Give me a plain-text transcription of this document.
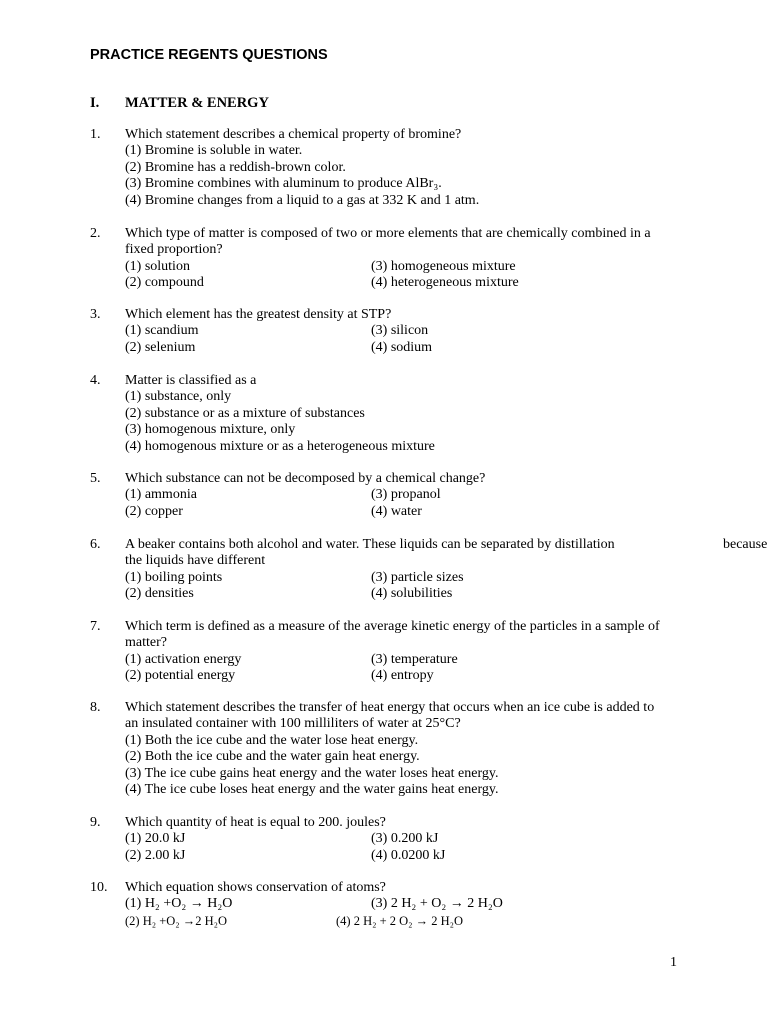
PRACTICE REGENTS QUESTIONS
I. MATTER & ENERGY
1. Which statement describes a chemical property of bromine?
(1) Bromine is soluble in water.
(2) Bromine has a reddish-brown color.
(3) Bromine combines with aluminum to produce AlBr₃.
(4) Bromine changes from a liquid to a gas at 332 K and 1 atm.
2. Which type of matter is composed of two or more elements that are chemically combined in a
fixed proportion?
(1) solution	(3) homogeneous mixture
(2) compound	(4) heterogeneous mixture
3. Which element has the greatest density at STP?
(1) scandium	(3) silicon
(2) selenium	(4) sodium
4. Matter is classified as a
(1) substance, only
(2) substance or as a mixture of substances
(3) homogenous mixture, only
(4) homogenous mixture or as a heterogeneous mixture
5. Which substance can not be decomposed by a chemical change?
(1) ammonia	(3) propanol
(2) copper	(4) water
6.	because
A beaker contains both alcohol and water. These liquids can be separated by distillation
the liquids have different
(1) boiling points	(3) particle sizes
(2) densities	(4) solubilities
7. Which term is defined as a measure of the average kinetic energy of the particles in a sample of
matter?
(1) activation energy	(3) temperature
(2) potential energy	(4) entropy
8. Which statement describes the transfer of heat energy that occurs when an ice cube is added to
an insulated container with 100 milliliters of water at 25°C?
(1) Both the ice cube and the water lose heat energy.
(2) Both the ice cube and the water gain heat energy.
(3) The ice cube gains heat energy and the water loses heat energy.
(4) The ice cube loses heat energy and the water gains heat energy.
9. Which quantity of heat is equal to 200. joules?
(1) 20.0 kJ	(3) 0.200 kJ
(2) 2.00 kJ	(4) 0.0200 kJ
10. Which equation shows conservation of atoms?
(1) H₂ +O₂ → H₂O	(3) 2 H₂ + O₂ → 2 H₂O
(2) H₂ +O₂ →2 H₂O	(4) 2 H₂ + 2 O₂ → 2 H₂O
1
